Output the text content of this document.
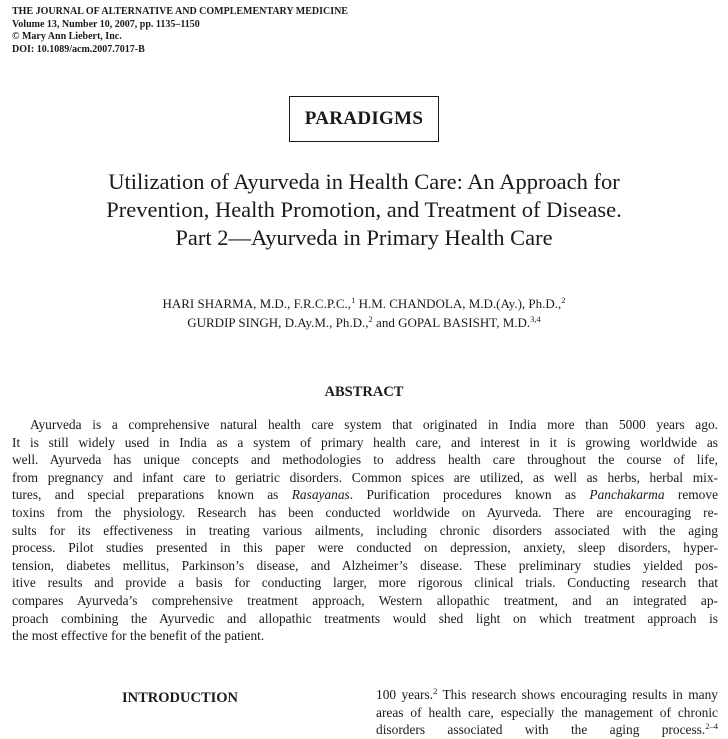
THE JOURNAL OF ALTERNATIVE AND COMPLEMENTARY MEDICINE
Volume 13, Number 10, 2007, pp. 1135–1150
© Mary Ann Liebert, Inc.
DOI: 10.1089/acm.2007.7017-B
PARADIGMS
Utilization of Ayurveda in Health Care: An Approach for
Prevention, Health Promotion, and Treatment of Disease.
Part 2—Ayurveda in Primary Health Care
HARI SHARMA, M.D., F.R.C.P.C.,$^1$ H.M. CHANDOLA, M.D.(Ay.), Ph.D.,$^2$
GURDIP SINGH, D.Ay.M., Ph.D.,$^2$ and GOPAL BASISHT, M.D.$^{3,4}$
ABSTRACT
Ayurveda is a comprehensive natural health care system that originated in India more than 5000 years ago.
It is still widely used in India as a system of primary health care, and interest in it is growing worldwide as
well. Ayurveda has unique concepts and methodologies to address health care throughout the course of life,
from pregnancy and infant care to geriatric disorders. Common spices are utilized, as well as herbs, herbal mix-
tures, and special preparations known as Rasayanas. Purification procedures known as Panchakarma remove
toxins from the physiology. Research has been conducted worldwide on Ayurveda. There are encouraging re-
sults for its effectiveness in treating various ailments, including chronic disorders associated with the aging
process. Pilot studies presented in this paper were conducted on depression, anxiety, sleep disorders, hyper-
tension, diabetes mellitus, Parkinson’s disease, and Alzheimer’s disease. These preliminary studies yielded pos-
itive results and provide a basis for conducting larger, more rigorous clinical trials. Conducting research that
compares Ayurveda’s comprehensive treatment approach, Western allopathic treatment, and an integrated ap-
proach combining the Ayurvedic and allopathic treatments would shed light on which treatment approach is
the most effective for the benefit of the patient.
INTRODUCTION	100 years.$^2$ This research shows encouraging results in many
areas of health care, especially the management of chronic
disorders associated with the aging process.$^{2-4}$
